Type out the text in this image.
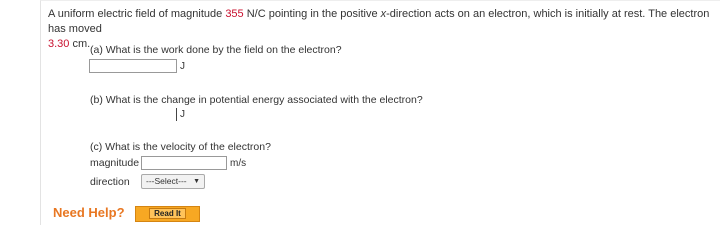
A uniform electric field of magnitude 355 N/C pointing in the positive x-direction acts on an electron, which is initially at rest. The electron has moved
3.30 cm. (a) What is the work done by the field on the electron?
J
(b) What is the change in potential energy associated with the electron?
J
(c) What is the velocity of the electron?
magnitude	m/s
direction	---Select--- ▼
Need Help?	Read It
